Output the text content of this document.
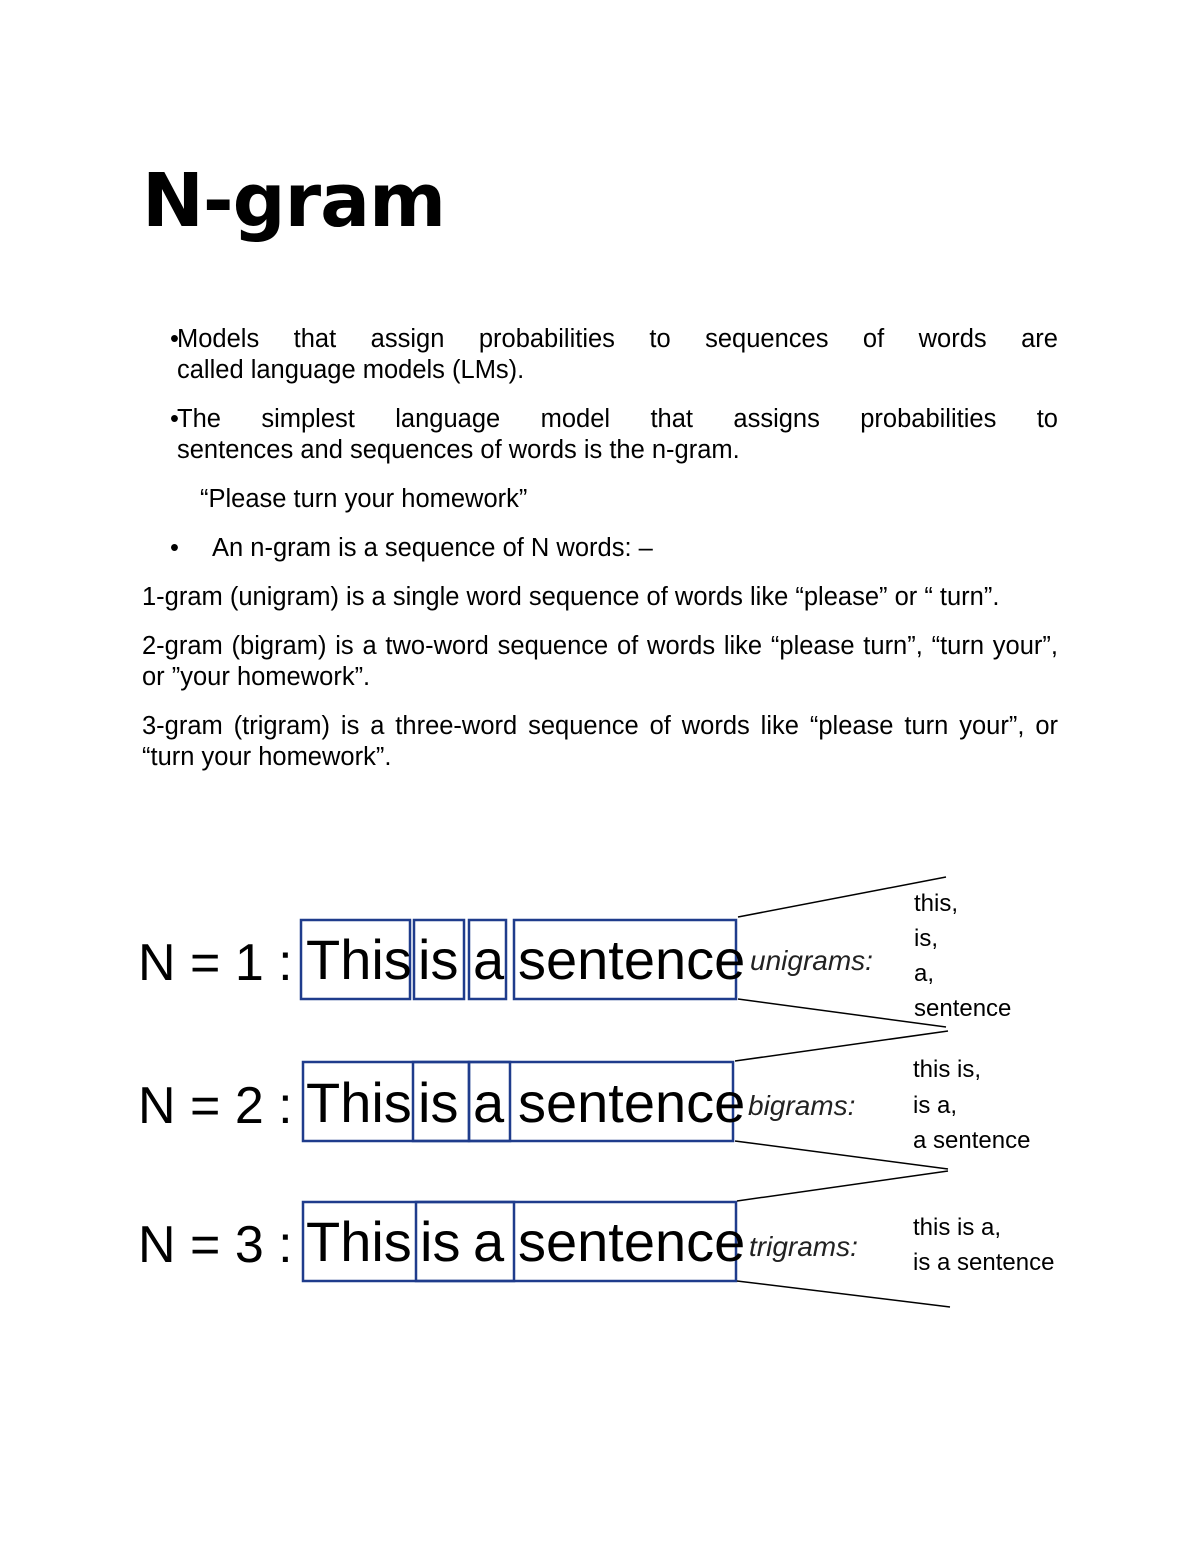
N-gram
•
Models that assign probabilities to sequences of words are
called language models (LMs).
•
The simplest language model that assigns probabilities to
sentences and sequences of words is the n-gram.

“Please turn your homework”

•	An n-gram is a sequence of N words: –

1-gram (unigram) is a single word sequence of words like “please” or “ turn”.

2-gram (bigram) is a two-word sequence of words like “please turn”, “turn your”, or ”your homework”.

3-gram (trigram) is a three-word sequence of words like “please turn your”, or “turn your homework”.

N = 1 : This is a sentence unigrams:
this,
is,
a,
sentence
N = 2 : This is a sentence bigrams:
this is,
is a,
a sentence
N = 3 : This is a sentence trigrams:
this is a,
is a sentence
